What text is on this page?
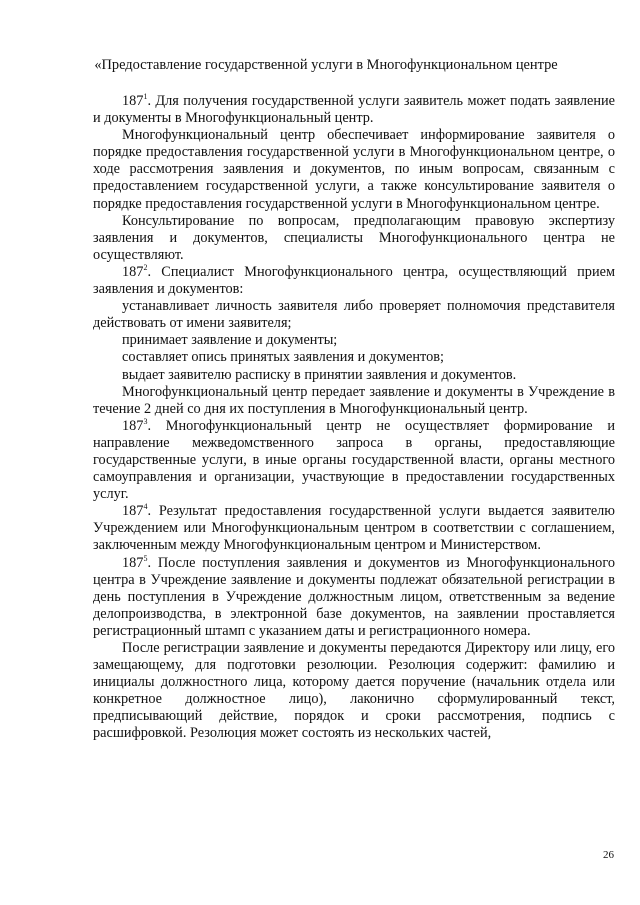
«Предоставление государственной услуги в Многофункциональном центре

$187^1$. Для получения государственной услуги заявитель может подать заявление и документы в Многофункциональный центр.

Многофункциональный центр обеспечивает информирование заявителя о порядке предоставления государственной услуги в Многофункциональном центре, о ходе рассмотрения заявления и документов, по иным вопросам, связанным с предоставлением государственной услуги, а также консультирование заявителя о порядке предоставления государственной услуги в Многофункциональном центре.

Консультирование по вопросам, предполагающим правовую экспертизу заявления и документов, специалисты Многофункционального центра не осуществляют.

$187^2$. Специалист Многофункционального центра, осуществляющий прием заявления и документов:

устанавливает личность заявителя либо проверяет полномочия представителя действовать от имени заявителя;

принимает заявление и документы;

составляет опись принятых заявления и документов;

выдает заявителю расписку в принятии заявления и документов.

Многофункциональный центр передает заявление и документы в Учреждение в течение 2 дней со дня их поступления в Многофункциональный центр.

$187^3$. Многофункциональный центр не осуществляет формирование и направление межведомственного запроса в органы, предоставляющие государственные услуги, в иные органы государственной власти, органы местного самоуправления и организации, участвующие в предоставлении государственных услуг.

$187^4$. Результат предоставления государственной услуги выдается заявителю Учреждением или Многофункциональным центром в соответствии с соглашением, заключенным между Многофункциональным центром и Министерством.

$187^5$. После поступления заявления и документов из Многофункционального центра в Учреждение заявление и документы подлежат обязательной регистрации в день поступления в Учреждение должностным лицом, ответственным за ведение делопроизводства, в электронной базе документов, на заявлении проставляется регистрационный штамп с указанием даты и регистрационного номера.

После регистрации заявление и документы передаются Директору или лицу, его замещающему, для подготовки резолюции. Резолюция содержит: фамилию и инициалы должностного лица, которому дается поручение (начальник отдела или конкретное должностное лицо), лаконично сформулированный текст, предписывающий действие, порядок и сроки рассмотрения, подпись с расшифровкой. Резолюция может состоять из нескольких частей,

26
